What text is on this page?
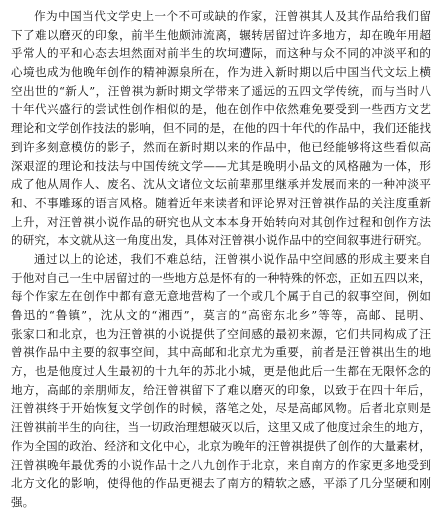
作为中国当代文学史上一个不可或缺的作家，汪曾祺其人及其作品给我们留
下了难以磨灭的印象，前半生他颇沛流离，辗转居留过许多地方，却在晚年用超
乎常人的平和心态去坦然面对前半生的坎坷遭际，而这种与众不同的冲淡平和的
心境也成为他晚年创作的精神源泉所在，作为进入新时期以后中国当代文坛上横
空出世的“新人”，汪曾祺为新时期文学带来了遥远的五四文学传统，而与当时八
十年代兴盛行的尝试性创作相似的是，他在创作中依然难免要受到一些西方文艺
理论和文学创作技法的影响，但不同的是，在他的四十年代的作品中，我们还能找
到许多刻意模仿的影子，然而在新时期以来的作品中，他已经能够将这些看似高
深艰涩的理论和技法与中国传统文学——尤其是晚明小品文的风格融为一体，形
成了他从周作人、废名、沈从文诸位文坛前辈那里继承并发展而来的一种冲淡平
和、不事雕琢的语言风格。随着近年来读者和评论界对汪曾祺作品的关注度重新
上升，对汪曾祺小说作品的研究也从文本本身开始转向对其创作过程和创作方法
的研究，本文就从这一角度出发，具体对汪曾祺小说作品中的空间叙事进行研究。
通过以上的论述，我们不难总结，汪曾祺小说作品中空间感的形成主要来自
于他对自己一生中居留过的一些地方总是怀有的一种特殊的怀恋，正如五四以来，
每个作家左在创作中都有意无意地营构了一个或几个属于自己的叙事空间，例如
鲁迅的“鲁镇”，沈从文的“湘西”，莫言的“高密东北乡”等等，高邮、昆明、
张家口和北京，也为汪曾祺的小说提供了空间感的最初来源，它们共同构成了汪
曾祺作品中主要的叙事空间，其中高邮和北京尤为重要，前者是汪曾祺出生的地
方，也是他度过人生最初的十九年的苏北小城，更是他此后一生都在无限怀念的
地方，高邮的亲朋师友，给汪曾祺留下了难以磨灭的印象，以致于在四十年后，
汪曾祺终于开始恢复文学创作的时候，落笔之处，尽是高邮风物。后者北京则是
汪曾祺前半生的向往，当一切政治理想破灭以后，这里又成了他度过余生的地方，
作为全国的政治、经济和文化中心，北京为晚年的汪曾祺提供了创作的大量素材，
汪曾祺晚年最优秀的小说作品十之八九创作于北京，来自南方的作家更多地受到
北方文化的影响，使得他的作品更褪去了南方的精软之感，平添了几分坚硬和刚
强。
